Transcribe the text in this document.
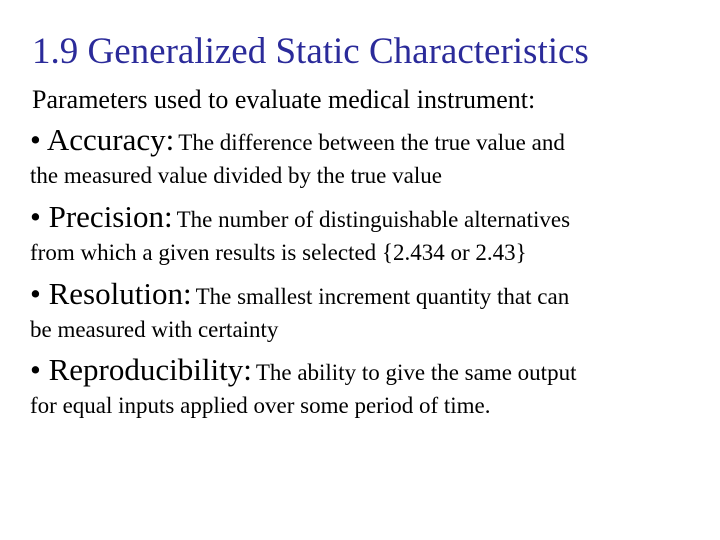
1.9 Generalized Static Characteristics
Parameters used to evaluate medical instrument:
• Accuracy: The difference between the true value and
the measured value divided by the true value
• Precision: The number of distinguishable alternatives
from which a given results is selected {2.434 or 2.43}
• Resolution: The smallest increment quantity that can
be measured with certainty
• Reproducibility: The ability to give the same output
for equal inputs applied over some period of time.
